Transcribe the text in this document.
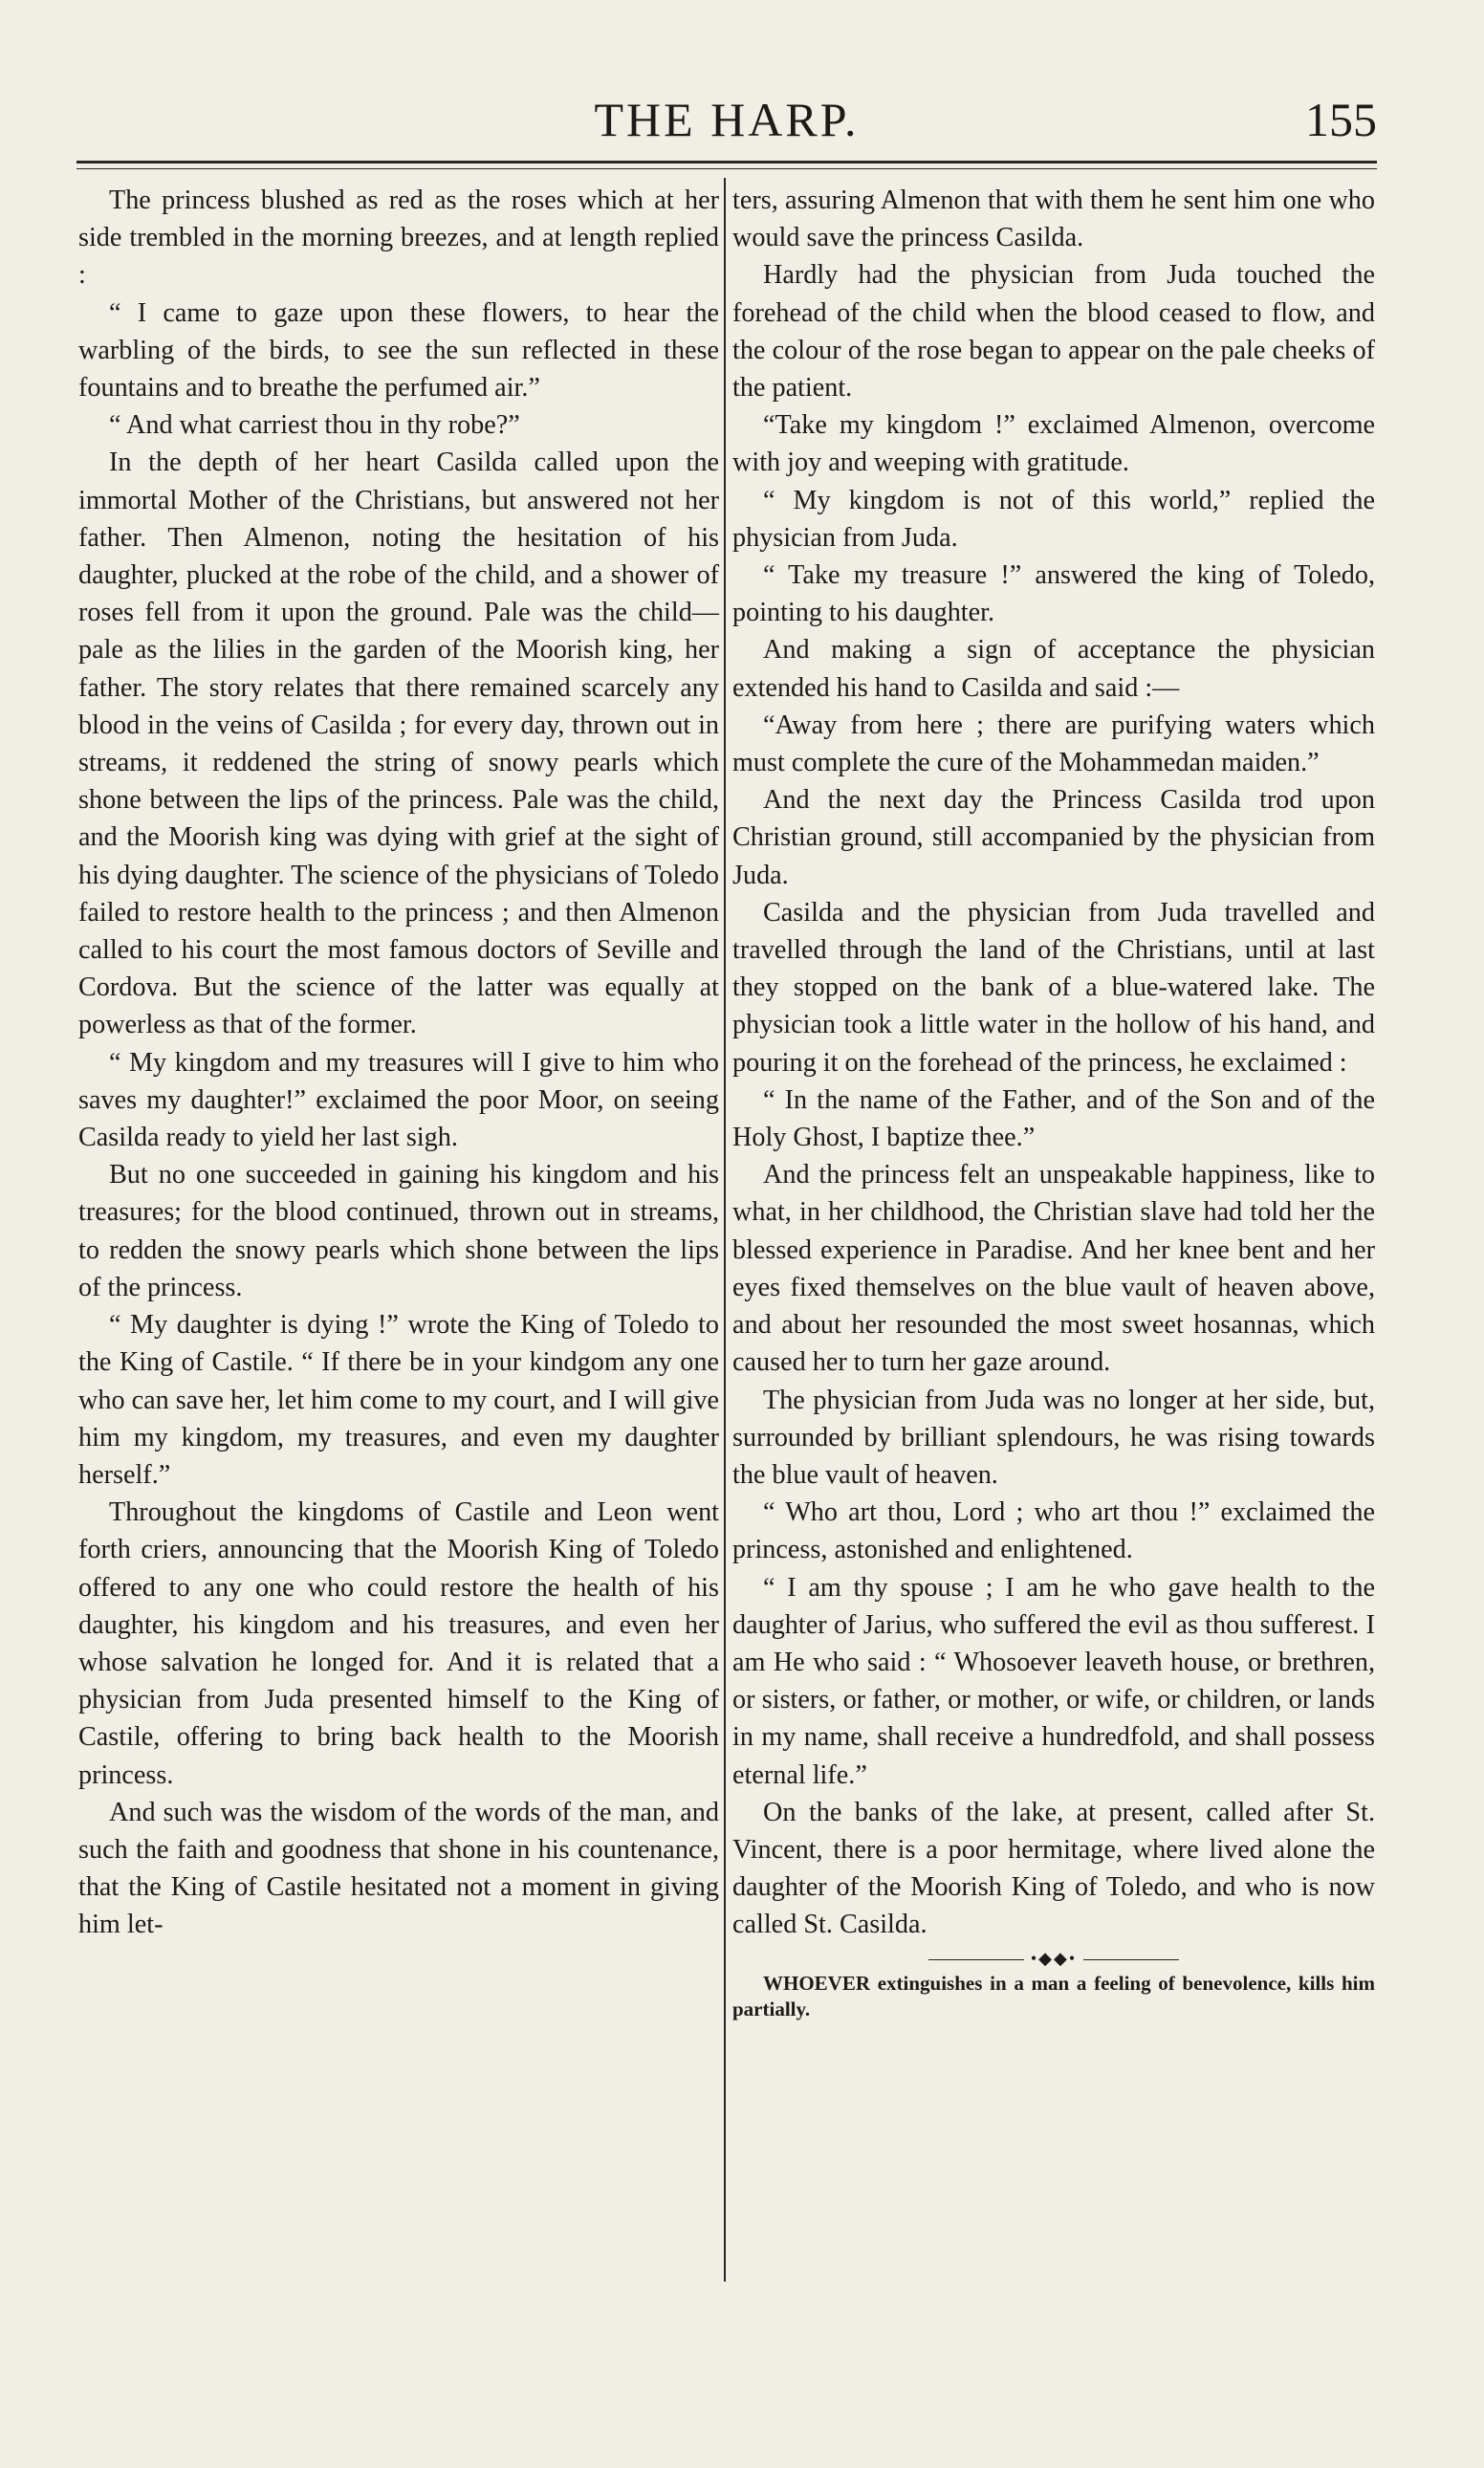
THE HARP.	155

The princess blushed as red as the roses which at her side trembled in the morning breezes, and at length replied :

“ I came to gaze upon these flowers, to hear the warbling of the birds, to see the sun reflected in these fountains and to breathe the perfumed air.”

“ And what carriest thou in thy robe?”

In the depth of her heart Casilda called upon the immortal Mother of the Christians, but answered not her father. Then Almenon, noting the hesitation of his daughter, plucked at the robe of the child, and a shower of roses fell from it upon the ground. Pale was the child—pale as the lilies in the garden of the Moorish king, her father. The story relates that there remained scarcely any blood in the veins of Casilda ; for every day, thrown out in streams, it reddened the string of snowy pearls which shone between the lips of the princess. Pale was the child, and the Moorish king was dying with grief at the sight of his dying daughter. The science of the physicians of Toledo failed to restore health to the princess ; and then Almenon called to his court the most famous doctors of Seville and Cordova. But the science of the latter was equally at powerless as that of the former.

“ My kingdom and my treasures will I give to him who saves my daughter!” exclaimed the poor Moor, on seeing Casilda ready to yield her last sigh.

But no one succeeded in gaining his kingdom and his treasures; for the blood continued, thrown out in streams, to redden the snowy pearls which shone between the lips of the princess.

“ My daughter is dying !” wrote the King of Toledo to the King of Castile. “ If there be in your kindgom any one who can save her, let him come to my court, and I will give him my kingdom, my treasures, and even my daughter herself.”

Throughout the kingdoms of Castile and Leon went forth criers, announcing that the Moorish King of Toledo offered to any one who could restore the health of his daughter, his kingdom and his treasures, and even her whose salvation he longed for. And it is related that a physician from Juda presented himself to the King of Castile, offering to bring back health to the Moorish princess.

And such was the wisdom of the words of the man, and such the faith and goodness that shone in his countenance, that the King of Castile hesitated not a moment in giving him let-

ters, assuring Almenon that with them he sent him one who would save the princess Casilda.

Hardly had the physician from Juda touched the forehead of the child when the blood ceased to flow, and the colour of the rose began to appear on the pale cheeks of the patient.

“Take my kingdom !” exclaimed Almenon, overcome with joy and weeping with gratitude.

“ My kingdom is not of this world,” replied the physician from Juda.

“ Take my treasure !” answered the king of Toledo, pointing to his daughter.

And making a sign of acceptance the physician extended his hand to Casilda and said :—

“Away from here ; there are purifying waters which must complete the cure of the Mohammedan maiden.”

And the next day the Princess Casilda trod upon Christian ground, still accompanied by the physician from Juda.

Casilda and the physician from Juda travelled and travelled through the land of the Christians, until at last they stopped on the bank of a blue-watered lake. The physician took a little water in the hollow of his hand, and pouring it on the forehead of the princess, he exclaimed :

“ In the name of the Father, and of the Son and of the Holy Ghost, I baptize thee.”

And the princess felt an unspeakable happiness, like to what, in her childhood, the Christian slave had told her the blessed experience in Paradise. And her knee bent and her eyes fixed themselves on the blue vault of heaven above, and about her resounded the most sweet hosannas, which caused her to turn her gaze around.

The physician from Juda was no longer at her side, but, surrounded by brilliant splendours, he was rising towards the blue vault of heaven.

“ Who art thou, Lord ; who art thou !” exclaimed the princess, astonished and enlightened.

“ I am thy spouse ; I am he who gave health to the daughter of Jarius, who suffered the evil as thou sufferest. I am He who said : “ Whosoever leaveth house, or brethren, or sisters, or father, or mother, or wife, or children, or lands in my name, shall receive a hundredfold, and shall possess eternal life.”

On the banks of the lake, at present, called after St. Vincent, there is a poor hermitage, where lived alone the daughter of the Moorish King of Toledo, and who is now called St. Casilda.

•◆◆•

WHOEVER extinguishes in a man a feeling of benevolence, kills him partially.
